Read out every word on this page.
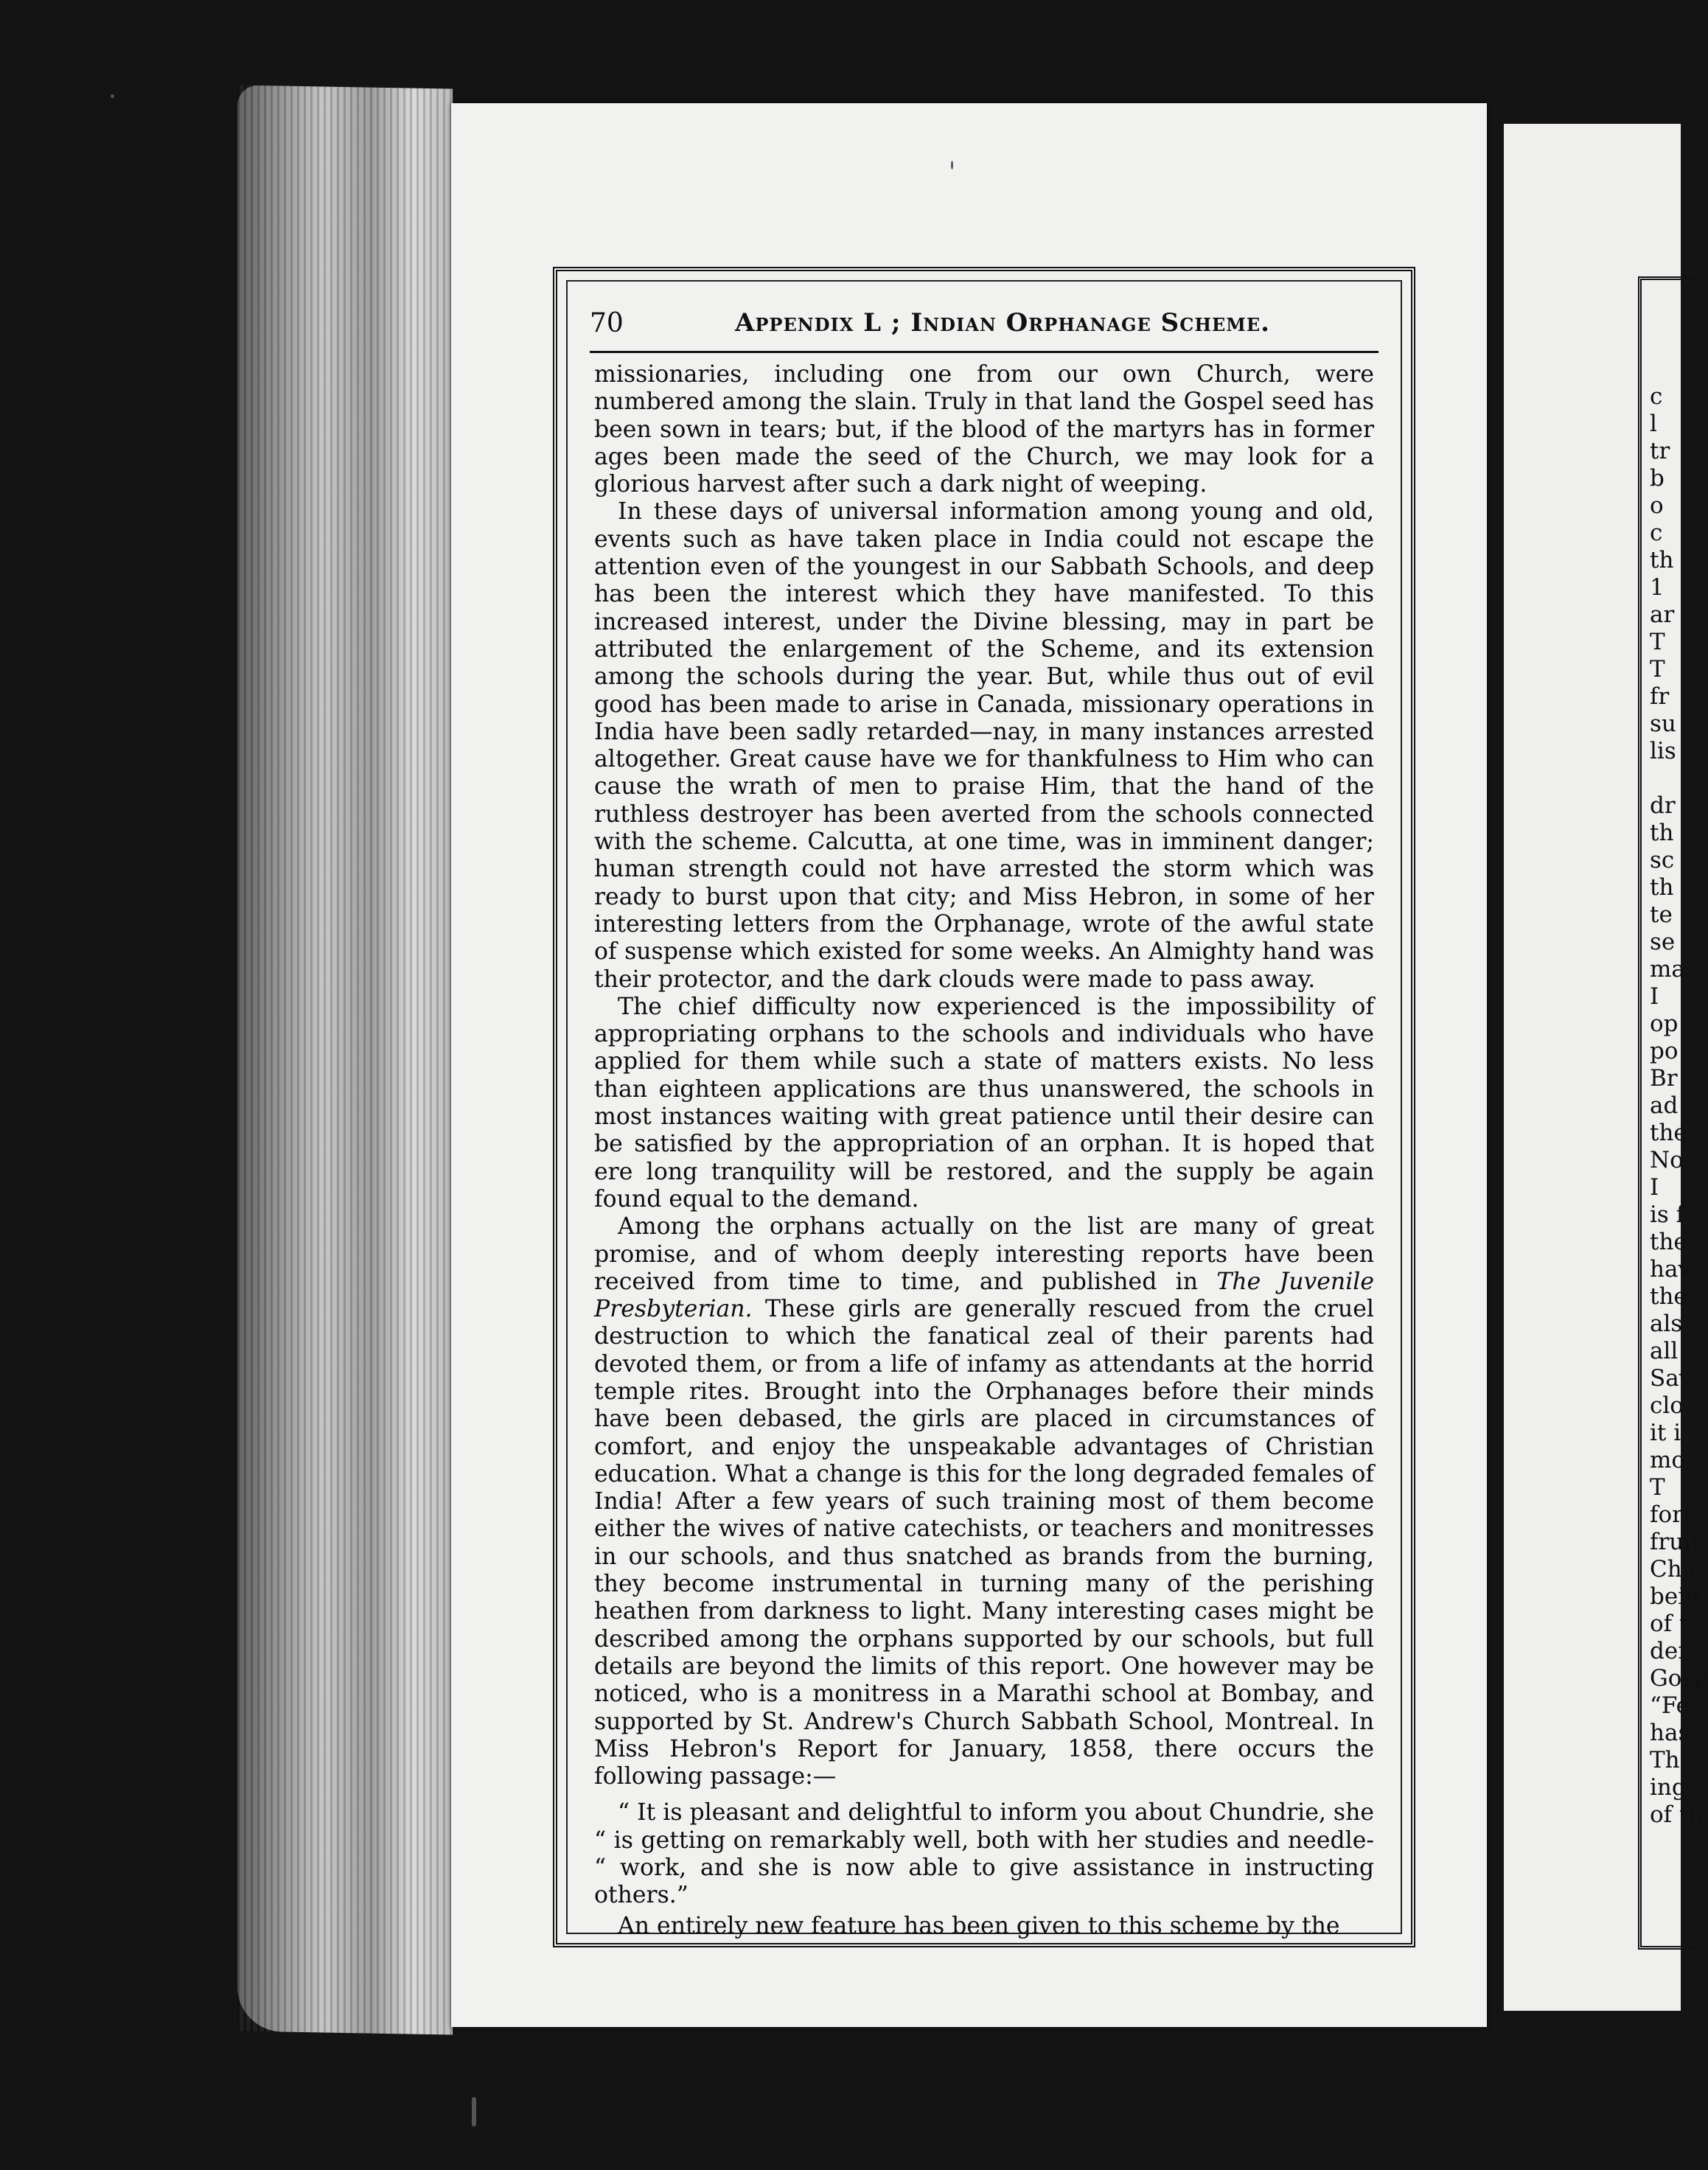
c
l
tr
b
o
c
th
1
ar
T
T
fr
su
lis

dr
th
sc
th
te
se
ma
I
op
po
Br
ad
the
No
I
is
the
hav
the
als
all
Sav
clo
it i
mo
T
fort.
fruit
Chu
bein
of t
der
Gosp
“Fe
has
Th
ing
of th
70	Appendix L ; Indian Orphanage Scheme.

missionaries, including one from our own Church, were numbered among the slain. Truly in that land the Gospel seed has been sown in tears; but, if the blood of the martyrs has in former ages been made the seed of the Church, we may look for a glorious harvest after such a dark night of weeping.

In these days of universal information among young and old, events such as have taken place in India could not escape the attention even of the youngest in our Sabbath Schools, and deep has been the interest which they have manifested. To this increased interest, under the Divine blessing, may in part be attributed the enlargement of the Scheme, and its extension among the schools during the year. But, while thus out of evil good has been made to arise in Canada, missionary operations in India have been sadly retarded—nay, in many instances arrested altogether. Great cause have we for thankfulness to Him who can cause the wrath of men to praise Him, that the hand of the ruthless destroyer has been averted from the schools connected with the scheme. Calcutta, at one time, was in imminent danger; human strength could not have arrested the storm which was ready to burst upon that city; and Miss Hebron, in some of her interesting letters from the Orphanage, wrote of the awful state of suspense which existed for some weeks. An Almighty hand was their protector, and the dark clouds were made to pass away.

The chief difficulty now experienced is the impossibility of appropriating orphans to the schools and individuals who have applied for them while such a state of matters exists. No less than eighteen applications are thus unanswered, the schools in most instances waiting with great patience until their desire can be satisfied by the appropriation of an orphan. It is hoped that ere long tranquility will be restored, and the supply be again found equal to the demand.

Among the orphans actually on the list are many of great promise, and of whom deeply interesting reports have been received from time to time, and published in The Juvenile Presbyterian. These girls are generally rescued from the cruel destruction to which the fanatical zeal of their parents had devoted them, or from a life of infamy as attendants at the horrid temple rites. Brought into the Orphanages before their minds have been debased, the girls are placed in circumstances of comfort, and enjoy the unspeakable advantages of Christian education. What a change is this for the long degraded females of India! After a few years of such training most of them become either the wives of native catechists, or teachers and monitresses in our schools, and thus snatched as brands from the burning, they become instrumental in turning many of the perishing heathen from darkness to light. Many interesting cases might be described among the orphans supported by our schools, but full details are beyond the limits of this report. One however may be noticed, who is a monitress in a Marathi school at Bombay, and supported by St. Andrew's Church Sabbath School, Montreal. In Miss Hebron's Report for January, 1858, there occurs the following passage:—

“ It is pleasant and delightful to inform you about Chundrie, she “ is getting on remarkably well, both with her studies and needle- “ work, and she is now able to give assistance in instructing others.”

An entirely new feature has been given to this scheme by the
